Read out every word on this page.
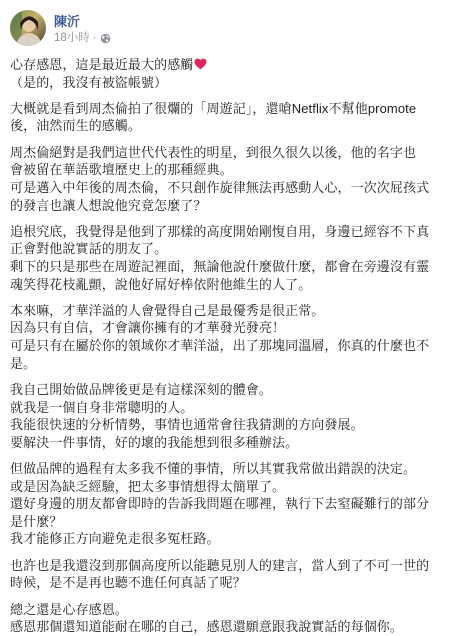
陳沂
18小時 ·

心存感恩，這是最近最大的感觸
（是的，我沒有被盜帳號）

大概就是看到周杰倫拍了很爛的「周遊記」，還嗆Netflix不幫他promote
後，油然而生的感觸。

周杰倫絕對是我們這世代代表性的明星，到很久很久以後，他的名字也
會被留在華語歌壇歷史上的那種經典。
可是邁入中年後的周杰倫，不只創作旋律無法再感動人心，一次次屁孩式
的發言也讓人想說他究竟怎麼了？

追根究底，我覺得是他到了那樣的高度開始剛愎自用，身邊已經容不下真
正會對他說實話的朋友了。
剩下的只是那些在周遊記裡面，無論他說什麼做什麼，都會在旁邊沒有靈
魂笑得花枝亂顫，說他好屌好棒依附他維生的人了。

本來嘛，才華洋溢的人會覺得自己是最優秀是很正常。
因為只有自信，才會讓你擁有的才華發光發亮！
可是只有在屬於你的領域你才華洋溢，出了那塊同溫層，你真的什麼也不
是。

我自己開始做品牌後更是有這樣深刻的體會。
就我是一個自身非常聰明的人。
我能很快速的分析情勢，事情也通常會往我猜測的方向發展。
要解決一件事情，好的壞的我能想到很多種辦法。

但做品牌的過程有太多我不懂的事情，所以其實我常做出錯誤的決定。
或是因為缺乏經驗，把太多事情想得太簡單了。
還好身邊的朋友都會即時的告訴我問題在哪裡，執行下去窒礙難行的部分
是什麼？
我才能修正方向避免走很多冤枉路。

也許也是我還沒到那個高度所以能聽見別人的建言，當人到了不可一世的
時候，是不是再也聽不進任何真話了呢？

總之還是心存感恩。
感恩那個還知道能耐在哪的自己，感恩還願意跟我說實話的每個你。
